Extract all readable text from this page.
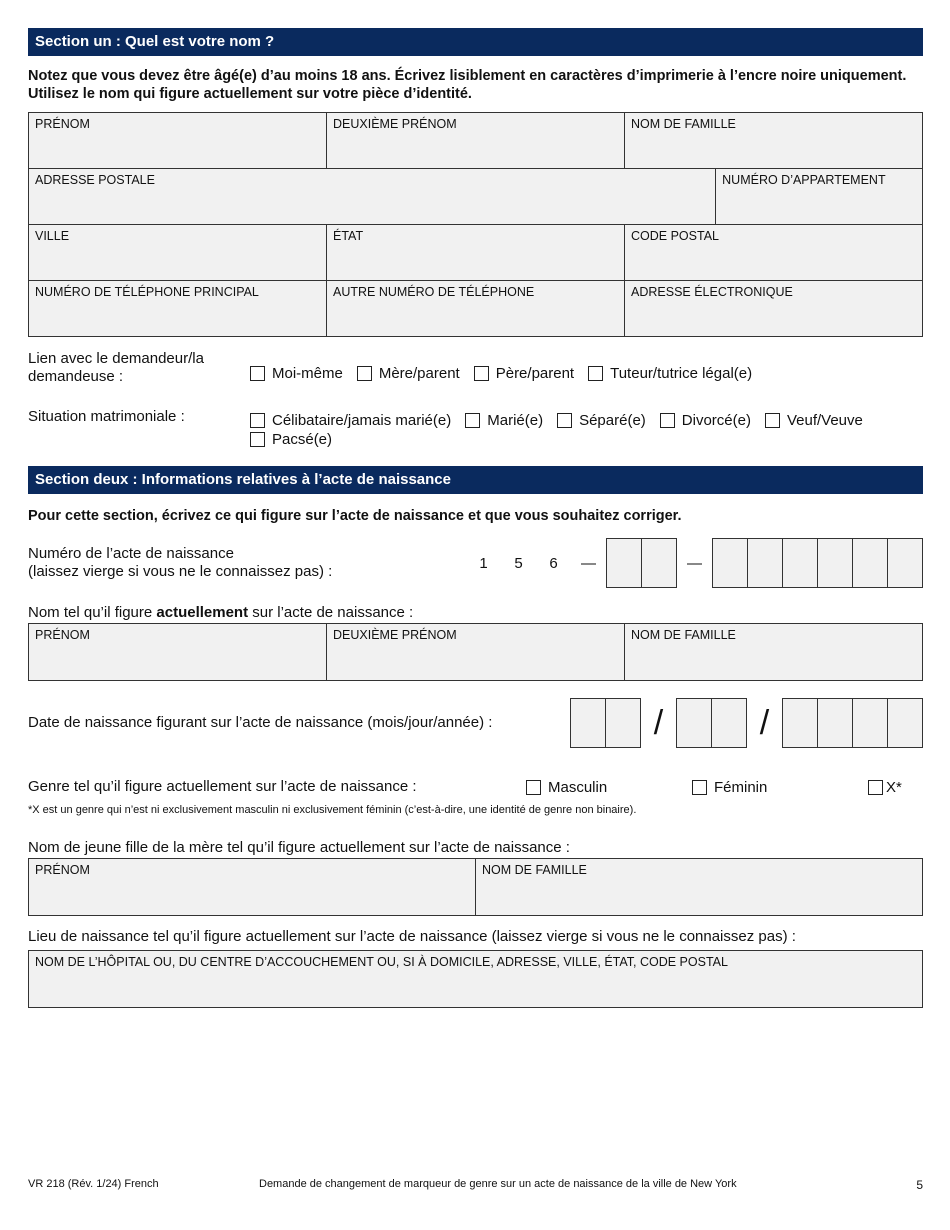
Section un : Quel est votre nom ?
Notez que vous devez être âgé(e) d’au moins 18 ans. Écrivez lisiblement en caractères d’imprimerie à l’encre noire uniquement. Utilisez le nom qui figure actuellement sur votre pièce d’identité.
PRÉNOM	DEUXIÈME PRÉNOM	NOM DE FAMILLE
ADRESSE POSTALE	NUMÉRO D’APPARTEMENT
VILLE	ÉTAT	CODE POSTAL
NUMÉRO DE TÉLÉPHONE PRINCIPAL	AUTRE NUMÉRO DE TÉLÉPHONE	ADRESSE ÉLECTRONIQUE
Lien avec le demandeur/la demandeuse :	Moi-même Mère/parent Père/parent Tuteur/tutrice légal(e)
Situation matrimoniale :	Célibataire/jamais marié(e) Marié(e) Séparé(e) Divorcé(e) Veuf/Veuve
Pacsé(e)
Section deux : Informations relatives à l’acte de naissance
Pour cette section, écrivez ce qui figure sur l’acte de naissance et que vous souhaitez corriger.
Numéro de l’acte de naissance
(laissez vierge si vous ne le connaissez pas) :	1	5	6	—	—
Nom tel qu’il figure actuellement sur l’acte de naissance :
PRÉNOM	DEUXIÈME PRÉNOM	NOM DE FAMILLE
Date de naissance figurant sur l’acte de naissance (mois/jour/année) :	/	/
Genre tel qu’il figure actuellement sur l’acte de naissance :	Masculin	Féminin	X*
*X est un genre qui n’est ni exclusivement masculin ni exclusivement féminin (c’est-à-dire, une identité de genre non binaire).
Nom de jeune fille de la mère tel qu’il figure actuellement sur l’acte de naissance :
PRÉNOM	NOM DE FAMILLE
Lieu de naissance tel qu’il figure actuellement sur l’acte de naissance (laissez vierge si vous ne le connaissez pas) :
NOM DE L’HÔPITAL OU, DU CENTRE D’ACCOUCHEMENT OU, SI À DOMICILE, ADRESSE, VILLE, ÉTAT, CODE POSTAL
VR 218 (Rév. 1/24) French	Demande de changement de marqueur de genre sur un acte de naissance de la ville de New York	5
